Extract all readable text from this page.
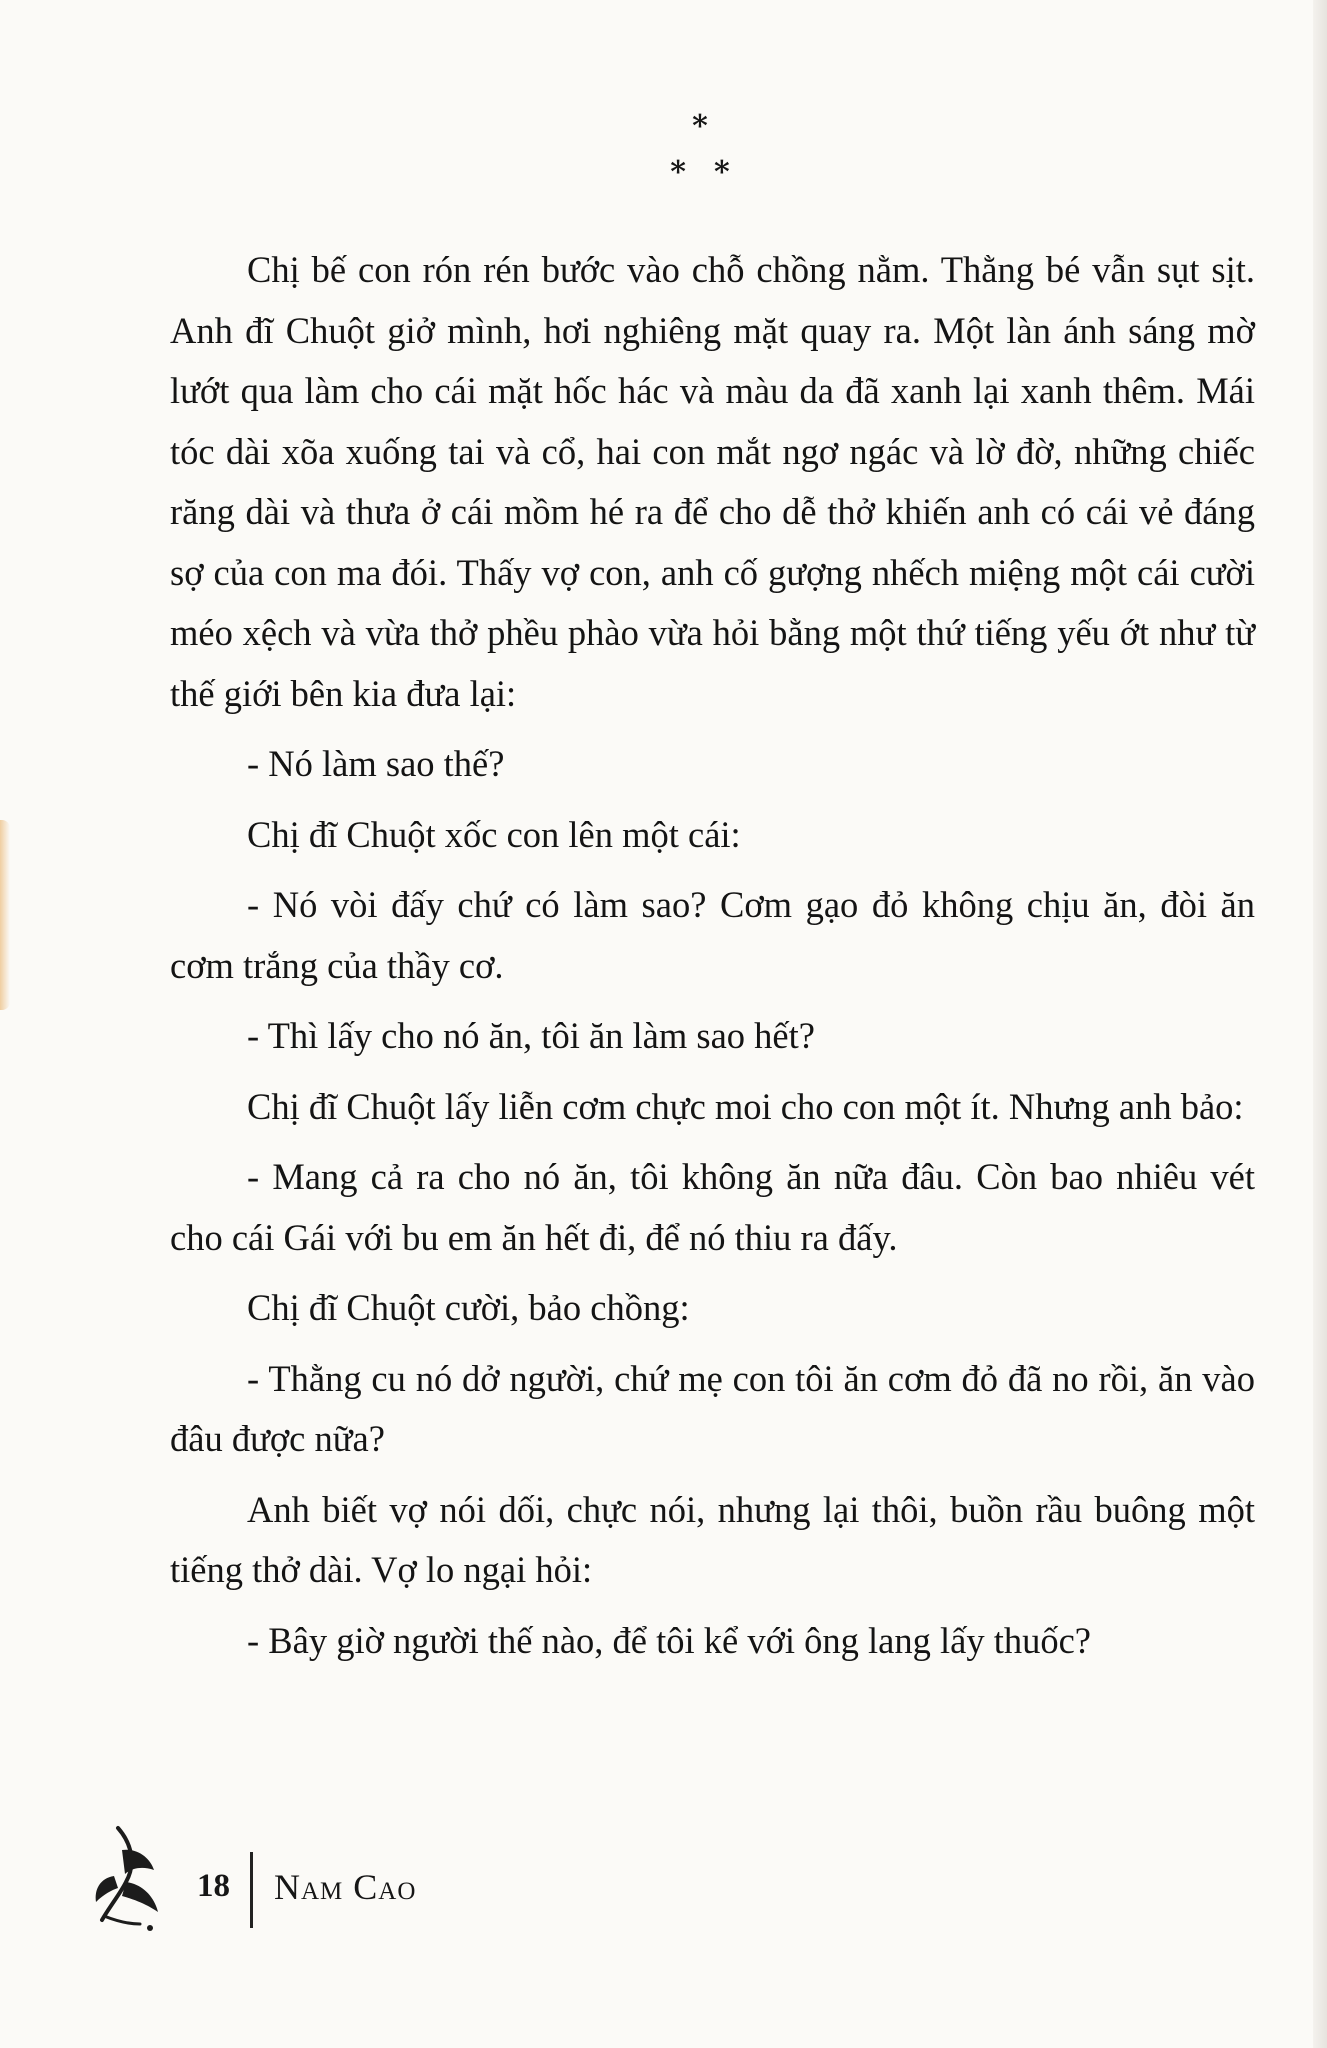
*
**

Chị bế con rón rén bước vào chỗ chồng nằm. Thằng bé vẫn sụt sịt. Anh đĩ Chuột giở mình, hơi nghiêng mặt quay ra. Một làn ánh sáng mờ lướt qua làm cho cái mặt hốc hác và màu da đã xanh lại xanh thêm. Mái tóc dài xõa xuống tai và cổ, hai con mắt ngơ ngác và lờ đờ, những chiếc răng dài và thưa ở cái mồm hé ra để cho dễ thở khiến anh có cái vẻ đáng sợ của con ma đói. Thấy vợ con, anh cố gượng nhếch miệng một cái cười méo xệch và vừa thở phều phào vừa hỏi bằng một thứ tiếng yếu ớt như từ thế giới bên kia đưa lại:

- Nó làm sao thế?

Chị đĩ Chuột xốc con lên một cái:

- Nó vòi đấy chứ có làm sao? Cơm gạo đỏ không chịu ăn, đòi ăn cơm trắng của thầy cơ.

- Thì lấy cho nó ăn, tôi ăn làm sao hết?

Chị đĩ Chuột lấy liễn cơm chực moi cho con một ít. Nhưng anh bảo:

- Mang cả ra cho nó ăn, tôi không ăn nữa đâu. Còn bao nhiêu vét cho cái Gái với bu em ăn hết đi, để nó thiu ra đấy.

Chị đĩ Chuột cười, bảo chồng:

- Thằng cu nó dở người, chứ mẹ con tôi ăn cơm đỏ đã no rồi, ăn vào đâu được nữa?

Anh biết vợ nói dối, chực nói, nhưng lại thôi, buồn rầu buông một tiếng thở dài. Vợ lo ngại hỏi:

- Bây giờ người thế nào, để tôi kể với ông lang lấy thuốc?

18 Nam Cao
